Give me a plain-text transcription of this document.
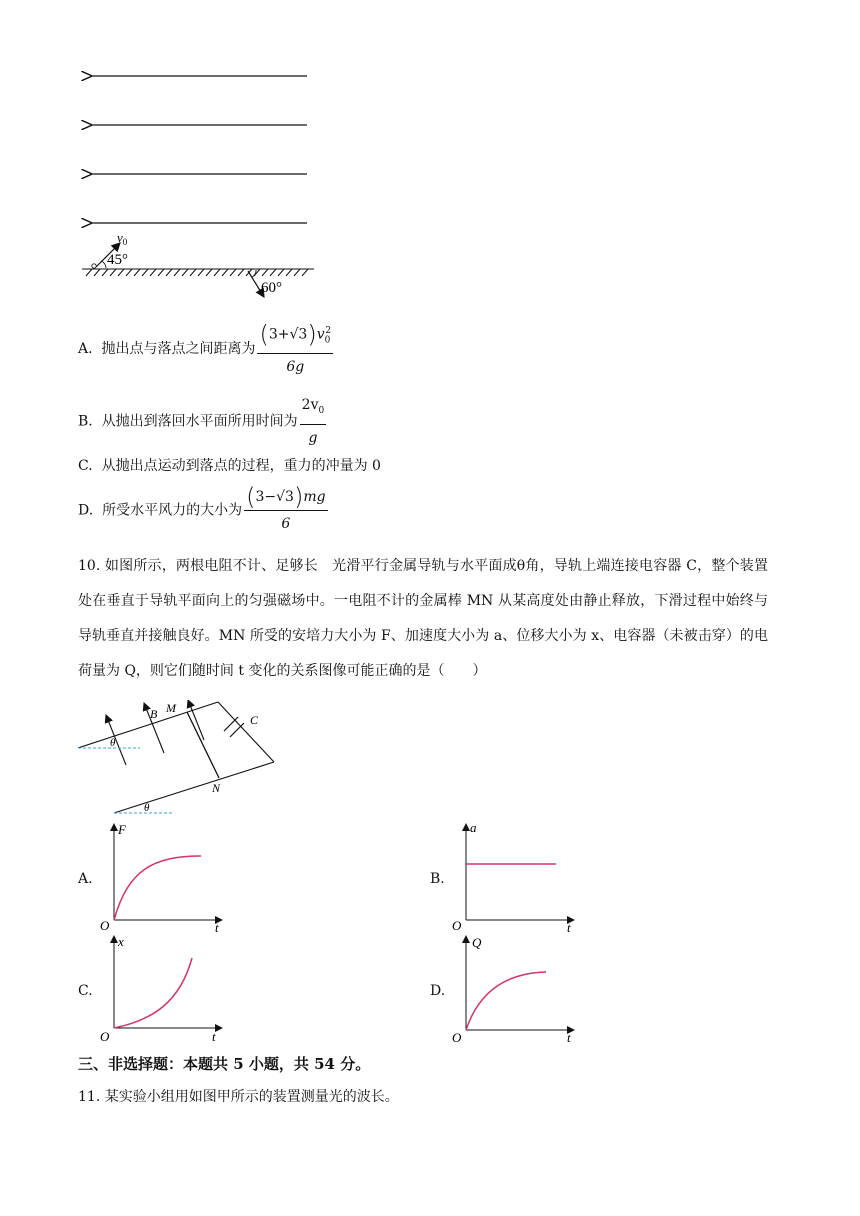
$v_0$
45°
60°
A. 抛出点与落点之间距离为 $\frac{(3+√3)v_0^2}{6g}$
B. 从抛出到落回水平面所用时间为 $\frac{2v_0}{g}$
C. 从抛出点运动到落点的过程，重力的冲量为 0
D. 所受水平风力的大小为 $\frac{(3-√3)mg}{6}$
10. 如图所示，两根电阻不计、足够长　光滑平行金属导轨与水平面成θ角，导轨上端连接电容器 C，整个装置处在垂直于导轨平面向上的匀强磁场中。一电阻不计的金属棒 MN 从某高度处由静止释放，下滑过程中始终与导轨垂直并接触良好。MN 所受的安培力大小为 F、加速度大小为 a、位移大小为 x、电容器（未被击穿）的电荷量为 Q，则它们随时间 t 变化的关系图像可能正确的是（　　）
θ
θ
B M
C
N
A.
F
t
O
B.
a
t
O
C.
x
t
O
D.
Q
t
O
三、非选择题：本题共 5 小题，共 54 分。
11. 某实验小组用如图甲所示的装置测量光的波长。
